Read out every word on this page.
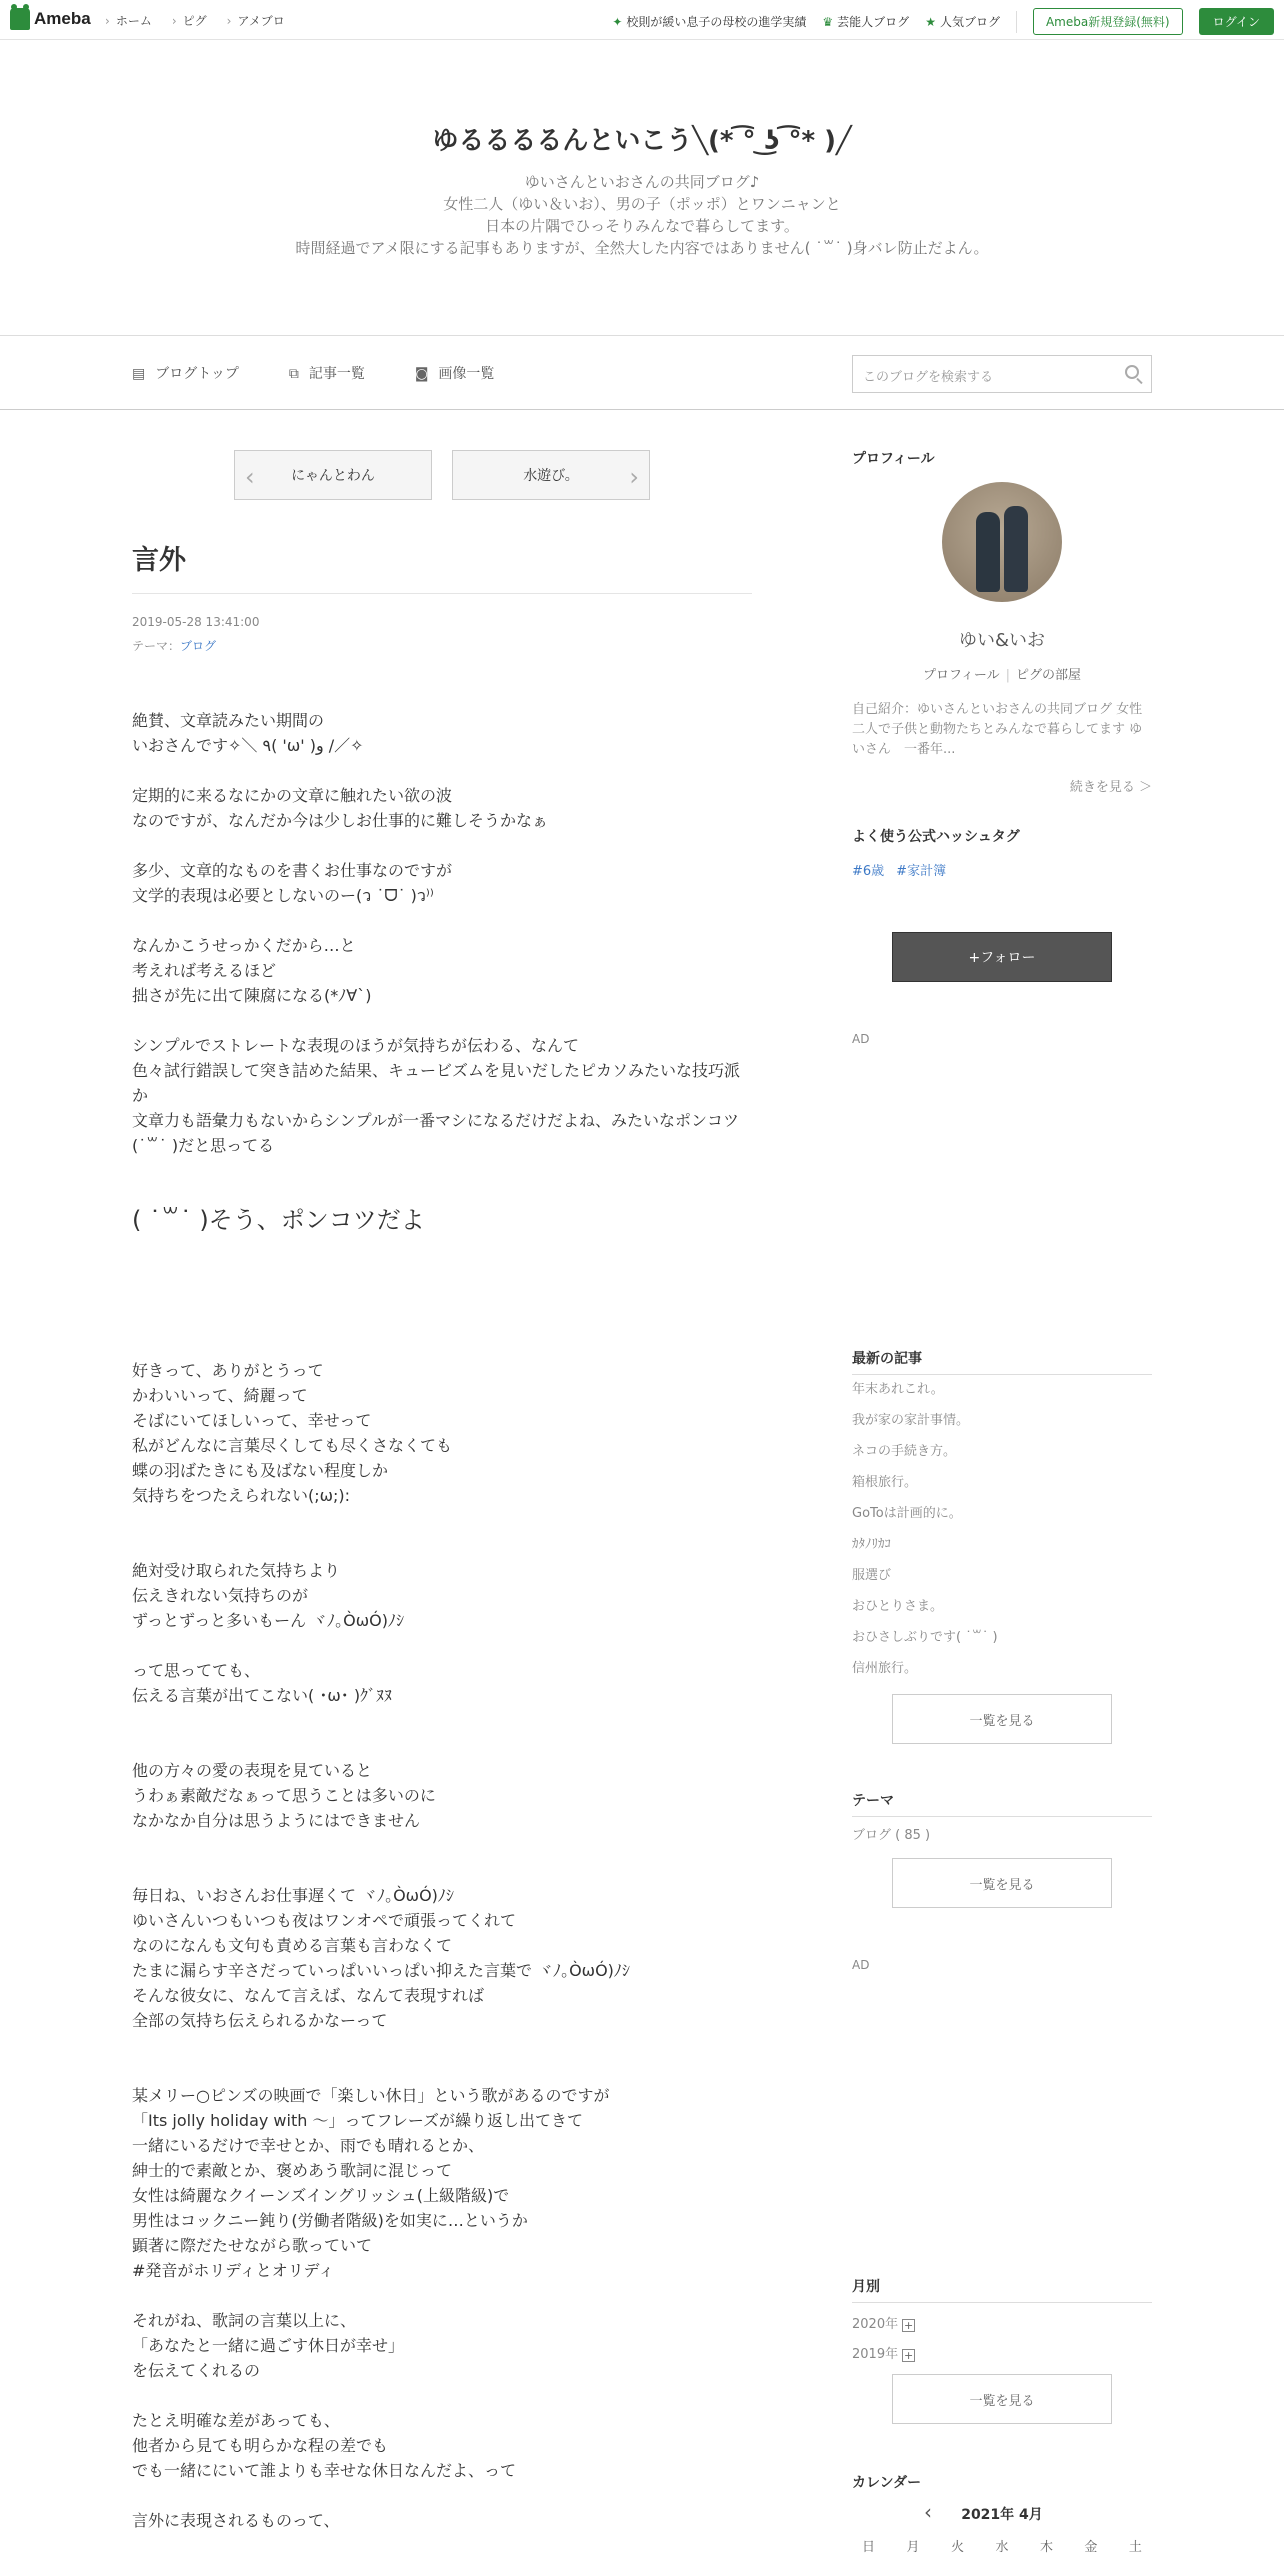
Ameba	› ホーム	› ピグ	› アメブロ	✦ 校則が緩い息子の母校の進学実績 ♛ 芸能人ブログ ★ 人気ブログ	Ameba新規登録(無料)	ログイン
ゆるるるるんといこう╲(* ͡° ͜ʖ ͡°* )╱
ゆいさんといおさんの共同ブログ♪
女性二人（ゆい＆いお）、男の子（ポッポ）とワンニャンと
日本の片隅でひっそりみんなで暮らしてます。
時間経過でアメ限にする記事もありますが、全然大した内容ではありません( ˙꒳˙ )身バレ防止だよん。
▤ ブログトップ	⧉ 記事一覧	◙ 画像一覧	このブログを検索する
‹	にゃんとわん	水遊び。 ›
言外
2019-05-28 13:41:00
テーマ：ブログ

絶賛、文章読みたい期間の
いおさんです✧＼ ٩( 'ω' )و /／✧

定期的に来るなにかの文章に触れたい欲の波
なのですが、なんだか今は少しお仕事的に難しそうかなぁ

多少、文章的なものを書くお仕事なのですが
文学的表現は必要としないのー(ว ˙ᗜ˙ )ว⁾⁾

なんかこうせっかくだから…と
考えれば考えるほど
拙さが先に出て陳腐になる(*ﾉ∀`)

シンプルでストレートな表現のほうが気持ちが伝わる、なんて
色々試行錯誤して突き詰めた結果、キュービズムを見いだしたピカソみたいな技巧派か
文章力も語彙力もないからシンプルが一番マシになるだけだよね、みたいなポンコツ(˙꒳˙ )だと思ってる

( ˙꒳˙ )そう、ポンコツだよ

好きって、ありがとうって
かわいいって、綺麗って
そばにいてほしいって、幸せって
私がどんなに言葉尽くしても尽くさなくても
蝶の羽ばたきにも及ばない程度しか
気持ちをつたえられない(;ω;):

絶対受け取られた気持ちより
伝えきれない気持ちのが
ずっとずっと多いもーん ヾﾉ｡ÒωÓ)ﾉｼ

って思ってても、
伝える言葉が出てこない( ･ω･ )ｸﾞﾇﾇ

他の方々の愛の表現を見ていると
うわぁ素敵だなぁって思うことは多いのに
なかなか自分は思うようにはできません

毎日ね、いおさんお仕事遅くて ヾﾉ｡ÒωÓ)ﾉｼ
ゆいさんいつもいつも夜はワンオペで頑張ってくれて
なのになんも文句も責める言葉も言わなくて
たまに漏らす辛さだっていっぱいいっぱい抑えた言葉で ヾﾉ｡ÒωÓ)ﾉｼ
そんな彼女に、なんて言えば、なんて表現すれば
全部の気持ち伝えられるかなーって

某メリー○ピンズの映画で「楽しい休日」という歌があるのですが
「Its jolly holiday with ～」ってフレーズが繰り返し出てきて
一緒にいるだけで幸せとか、雨でも晴れるとか、
紳士的で素敵とか、褒めあう歌詞に混じって
女性は綺麗なクイーンズイングリッシュ(上級階級)で
男性はコックニー鈍り(労働者階級)を如実に…というか
顕著に際だたせながら歌っていて
#発音がホリディとオリディ

それがね、歌詞の言葉以上に、
「あなたと一緒に過ごす休日が幸せ」
を伝えてくれるの

たとえ明確な差があっても、
他者から見ても明らかな程の差でも
でも一緒ににいて誰よりも幸せな休日なんだよ、って

言外に表現されるものって、

プロフィール
ゆい&いお
プロフィール | ピグの部屋
自己紹介：ゆいさんといおさんの共同ブログ 女性二人で子供と動物たちとみんなで暮らしてます ゆいさん　一番年...
続きを見る ＞
よく使う公式ハッシュタグ
#6歳 #家計簿
+フォロー
AD
最新の記事
年末あれこれ。
我が家の家計事情。
ネコの手続き方。
箱根旅行。
GoToは計画的に。
ｶﾀﾉﾘｶｺ
服選び
おひとりさま。
おひさしぶりです( ˙꒳˙ )
信州旅行。
一覧を見る
テーマ
ブログ ( 85 )
一覧を見る
AD
月別
2020年 +
2019年 +
一覧を見る
カレンダー
‹ 2021年 4月
日 月 火 水 木 金 土
